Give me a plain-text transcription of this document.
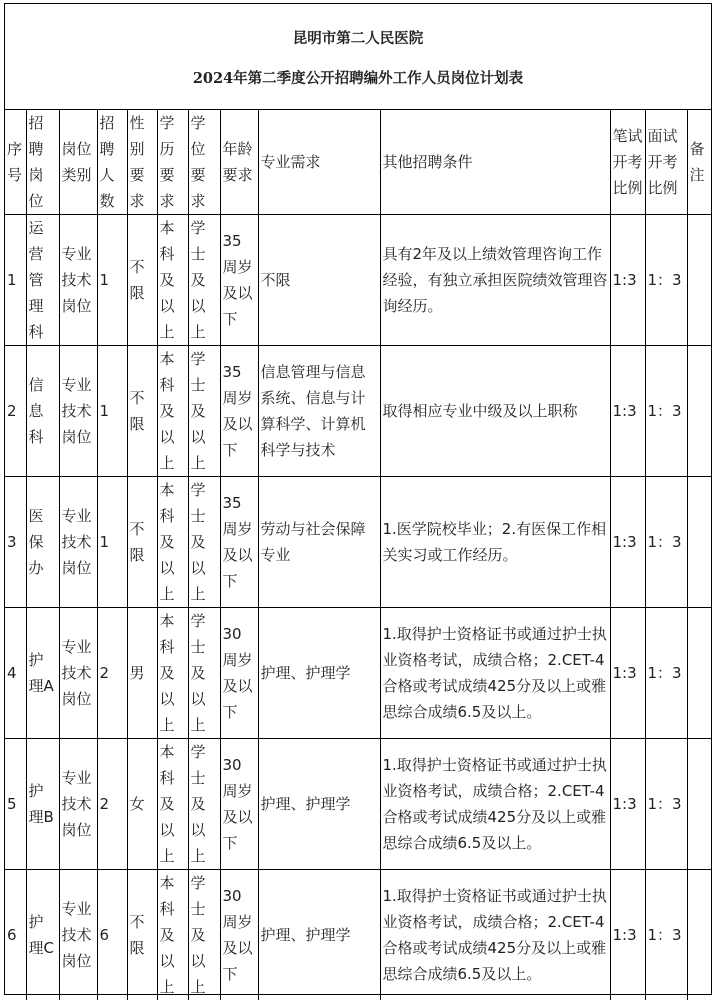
昆明市第二人民医院
2024年第二季度公开招聘编外工作人员岗位计划表
序号	招聘岗位	岗位类别	招聘人数	性别要求	学历要求	学位要求	年龄要求	专业需求	其他招聘条件	笔试开考比例	面试开考比例	备注
1	运营管理科	专业技术岗位	1	不限	本科及以上	学士及以上	35周岁及以下	不限	具有2年及以上绩效管理咨询工作经验，有独立承担医院绩效管理咨询经历。	1:3	1：3	
2	信息科	专业技术岗位	1	不限	本科及以上	学士及以上	35周岁及以下	信息管理与信息系统、信息与计算科学、计算机科学与技术	取得相应专业中级及以上职称	1:3	1：3	
3	医保办	专业技术岗位	1	不限	本科及以上	学士及以上	35周岁及以下	劳动与社会保障专业	1.医学院校毕业；2.有医保工作相关实习或工作经历。	1:3	1：3	
4	护理A	专业技术岗位	2	男	本科及以上	学士及以上	30周岁及以下	护理、护理学	1.取得护士资格证书或通过护士执业资格考试，成绩合格；2.CET-4合格或考试成绩425分及以上或雅思综合成绩6.5及以上。	1:3	1：3	
5	护理B	专业技术岗位	2	女	本科及以上	学士及以上	30周岁及以下	护理、护理学	1.取得护士资格证书或通过护士执业资格考试，成绩合格；2.CET-4合格或考试成绩425分及以上或雅思综合成绩6.5及以上。	1:3	1：3	
6	护理C	专业技术岗位	6	不限	本科及以上	学士及以上	30周岁及以下	护理、护理学	1.取得护士资格证书或通过护士执业资格考试，成绩合格；2.CET-4合格或考试成绩425分及以上或雅思综合成绩6.5及以上。	1:3	1：3	
